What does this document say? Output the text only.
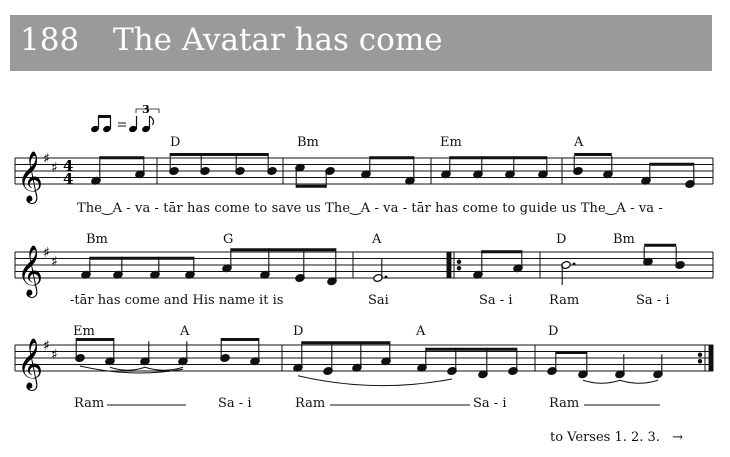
188 The Avatar has come
3
𝄞 ♯
♯ 4
4
𝄞 ♯
♯
𝄞 ♯
♯
D	Bm	Em	A
Bm	G	A	D	Bm
Em	A	D	A	D
The‿A - va - tār has come to save us The‿A - va - tār has come to guide us The‿A - va -
-tār has come and His name it is	Sai	Sa - i	Ram	Sa - i
Ram	Sa - i	Ram	Sa - i	Ram
to Verses 1. 2. 3. →
